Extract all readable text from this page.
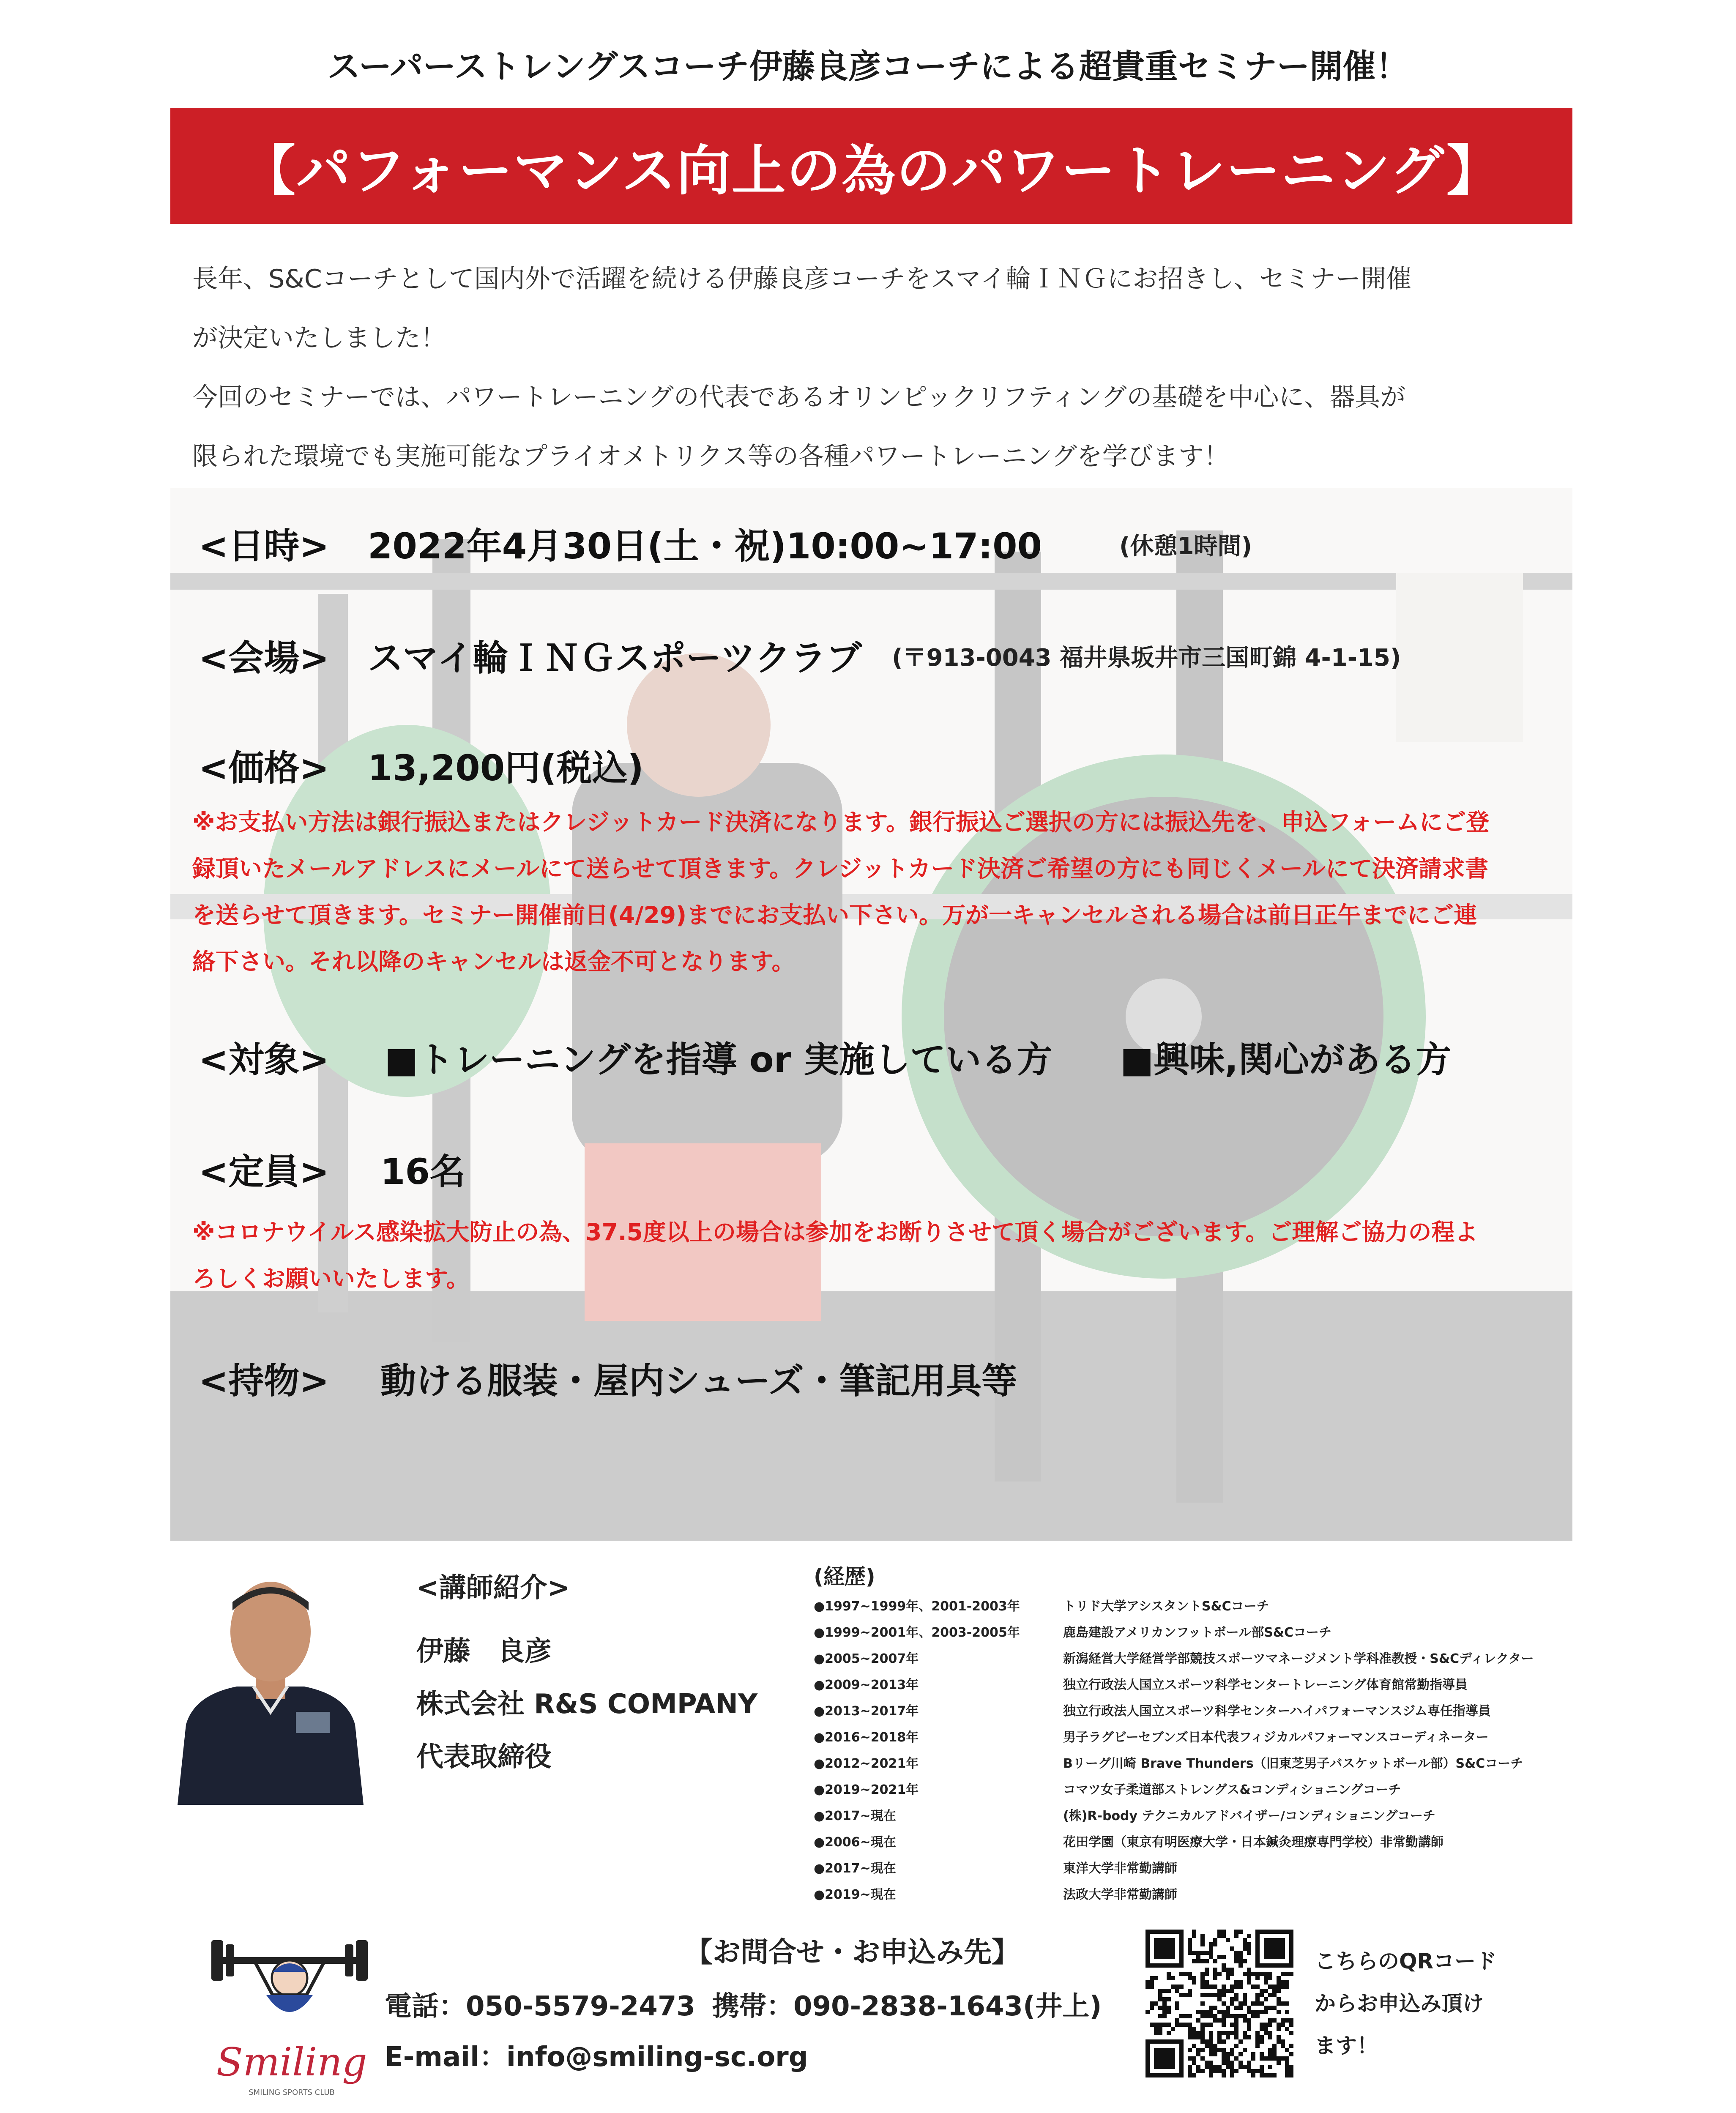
スーパーストレングスコーチ伊藤良彦コーチによる超貴重セミナー開催！
【パフォーマンス向上の為のパワートレーニング】

長年、S&Cコーチとして国内外で活躍を続ける伊藤良彦コーチをスマイ輪ＩＮＧにお招きし、セミナー開催

が決定いたしました！

今回のセミナーでは、パワートレーニングの代表であるオリンピックリフティングの基礎を中心に、器具が

限られた環境でも実施可能なプライオメトリクス等の各種パワートレーニングを学びます！

<日時> 2022年4月30日(土・祝)10:00~17:00	(休憩1時間)
<会場> スマイ輪ＩＮＧスポーツクラブ (〒913-0043 福井県坂井市三国町錦 4-1-15)
<価格> 13,200円(税込)
※お支払い方法は銀行振込またはクレジットカード決済になります。銀行振込ご選択の方には振込先を、申込フォームにご登
録頂いたメールアドレスにメールにて送らせて頂きます。クレジットカード決済ご希望の方にも同じくメールにて決済請求書
を送らせて頂きます。セミナー開催前日(4/29)までにお支払い下さい。万が一キャンセルされる場合は前日正午までにご連
絡下さい。それ以降のキャンセルは返金不可となります。
<対象> ■トレーニングを指導 or 実施している方 ■興味,関心がある方
<定員> 16名
※コロナウイルス感染拡大防止の為、37.5度以上の場合は参加をお断りさせて頂く場合がございます。ご理解ご協力の程よ
ろしくお願いいたします。
<持物> 動ける服装・屋内シューズ・筆記用具等
<講師紹介>
伊藤　良彦
株式会社 R&S COMPANY
代表取締役
(経歴)
●1997~1999年、2001-2003年	トリド大学アシスタントS&Cコーチ
●1999~2001年、2003-2005年	鹿島建設アメリカンフットボール部S&Cコーチ
●2005~2007年	新潟経営大学経営学部競技スポーツマネージメント学科准教授・S&Cディレクター
●2009~2013年	独立行政法人国立スポーツ科学センタートレーニング体育館常勤指導員
●2013~2017年	独立行政法人国立スポーツ科学センターハイパフォーマンスジム専任指導員
●2016~2018年	男子ラグビーセブンズ日本代表フィジカルパフォーマンスコーディネーター
●2012~2021年	Bリーグ川崎 Brave Thunders（旧東芝男子バスケットボール部）S&Cコーチ
●2019~2021年	コマツ女子柔道部ストレングス&コンディショニングコーチ
●2017~現在	(株)R-body テクニカルアドバイザー/コンディショニングコーチ
●2006~現在	花田学園（東京有明医療大学・日本鍼灸理療専門学校）非常勤講師
●2017~現在	東洋大学非常勤講師
●2019~現在	法政大学非常勤講師
Smiling
SMILING SPORTS CLUB
【お問合せ・お申込み先】
電話：050-5579-2473 携帯：090-2838-1643(井上)
E-mail：info@smiling-sc.org
こちらのQRコード
からお申込み頂け
ます！
